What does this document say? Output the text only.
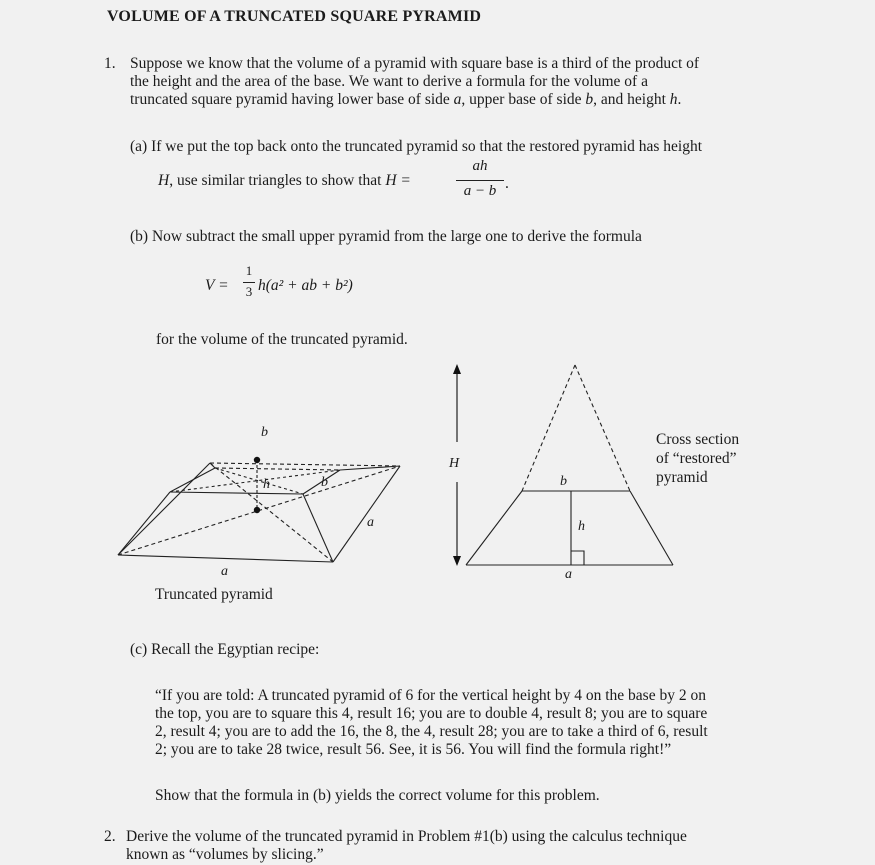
VOLUME OF A TRUNCATED SQUARE PYRAMID
1. Suppose we know that the volume of a pyramid with square base is a third of the product of
the height and the area of the base. We want to derive a formula for the volume of a
truncated square pyramid having lower base of side a, upper base of side b, and height h.
(a) If we put the top back onto the truncated pyramid so that the restored pyramid has height
H, use similar triangles to show that H =
ah
a − b .
(b) Now subtract the small upper pyramid from the large one to derive the formula
V =
1
3 h(a² + ab + b²)
for the volume of the truncated pyramid.
b
h	b
a
a
Truncated pyramid
H
b
h
a
Cross section
of “restored”
pyramid
(c) Recall the Egyptian recipe:
“If you are told: A truncated pyramid of 6 for the vertical height by 4 on the base by 2 on
the top, you are to square this 4, result 16; you are to double 4, result 8; you are to square
2, result 4; you are to add the 16, the 8, the 4, result 28; you are to take a third of 6, result
2; you are to take 28 twice, result 56. See, it is 56. You will find the formula right!”
Show that the formula in (b) yields the correct volume for this problem.
2. Derive the volume of the truncated pyramid in Problem #1(b) using the calculus technique
known as “volumes by slicing.”
